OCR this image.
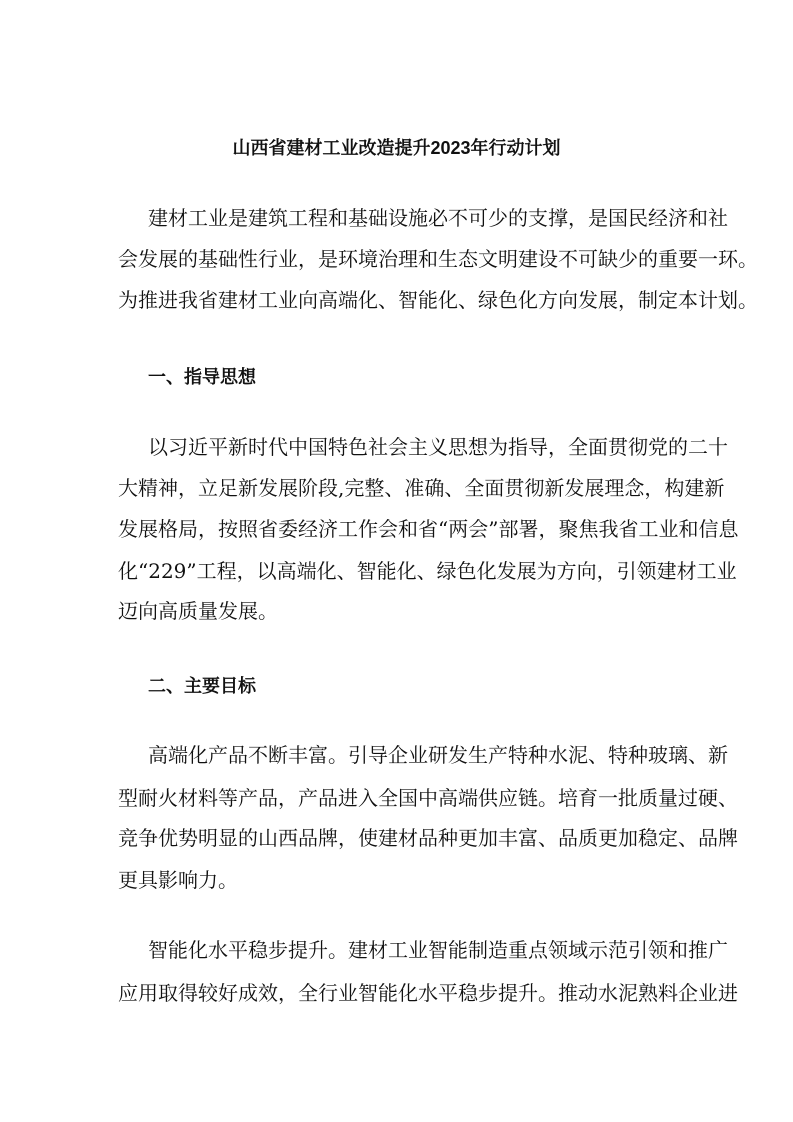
山西省建材工业改造提升2023年行动计划
建材工业是建筑工程和基础设施必不可少的支撑，是国民经济和社
会发展的基础性行业，是环境治理和生态文明建设不可缺少的重要一环。
为推进我省建材工业向高端化、智能化、绿色化方向发展，制定本计划。
一、指导思想
以习近平新时代中国特色社会主义思想为指导，全面贯彻党的二十
大精神，立足新发展阶段,完整、准确、全面贯彻新发展理念，构建新
发展格局，按照省委经济工作会和省“两会”部署，聚焦我省工业和信息
化“229”工程，以高端化、智能化、绿色化发展为方向，引领建材工业
迈向高质量发展。
二、主要目标
高端化产品不断丰富。引导企业研发生产特种水泥、特种玻璃、新
型耐火材料等产品，产品进入全国中高端供应链。培育一批质量过硬、
竞争优势明显的山西品牌，使建材品种更加丰富、品质更加稳定、品牌
更具影响力。
智能化水平稳步提升。建材工业智能制造重点领域示范引领和推广
应用取得较好成效，全行业智能化水平稳步提升。推动水泥熟料企业进
